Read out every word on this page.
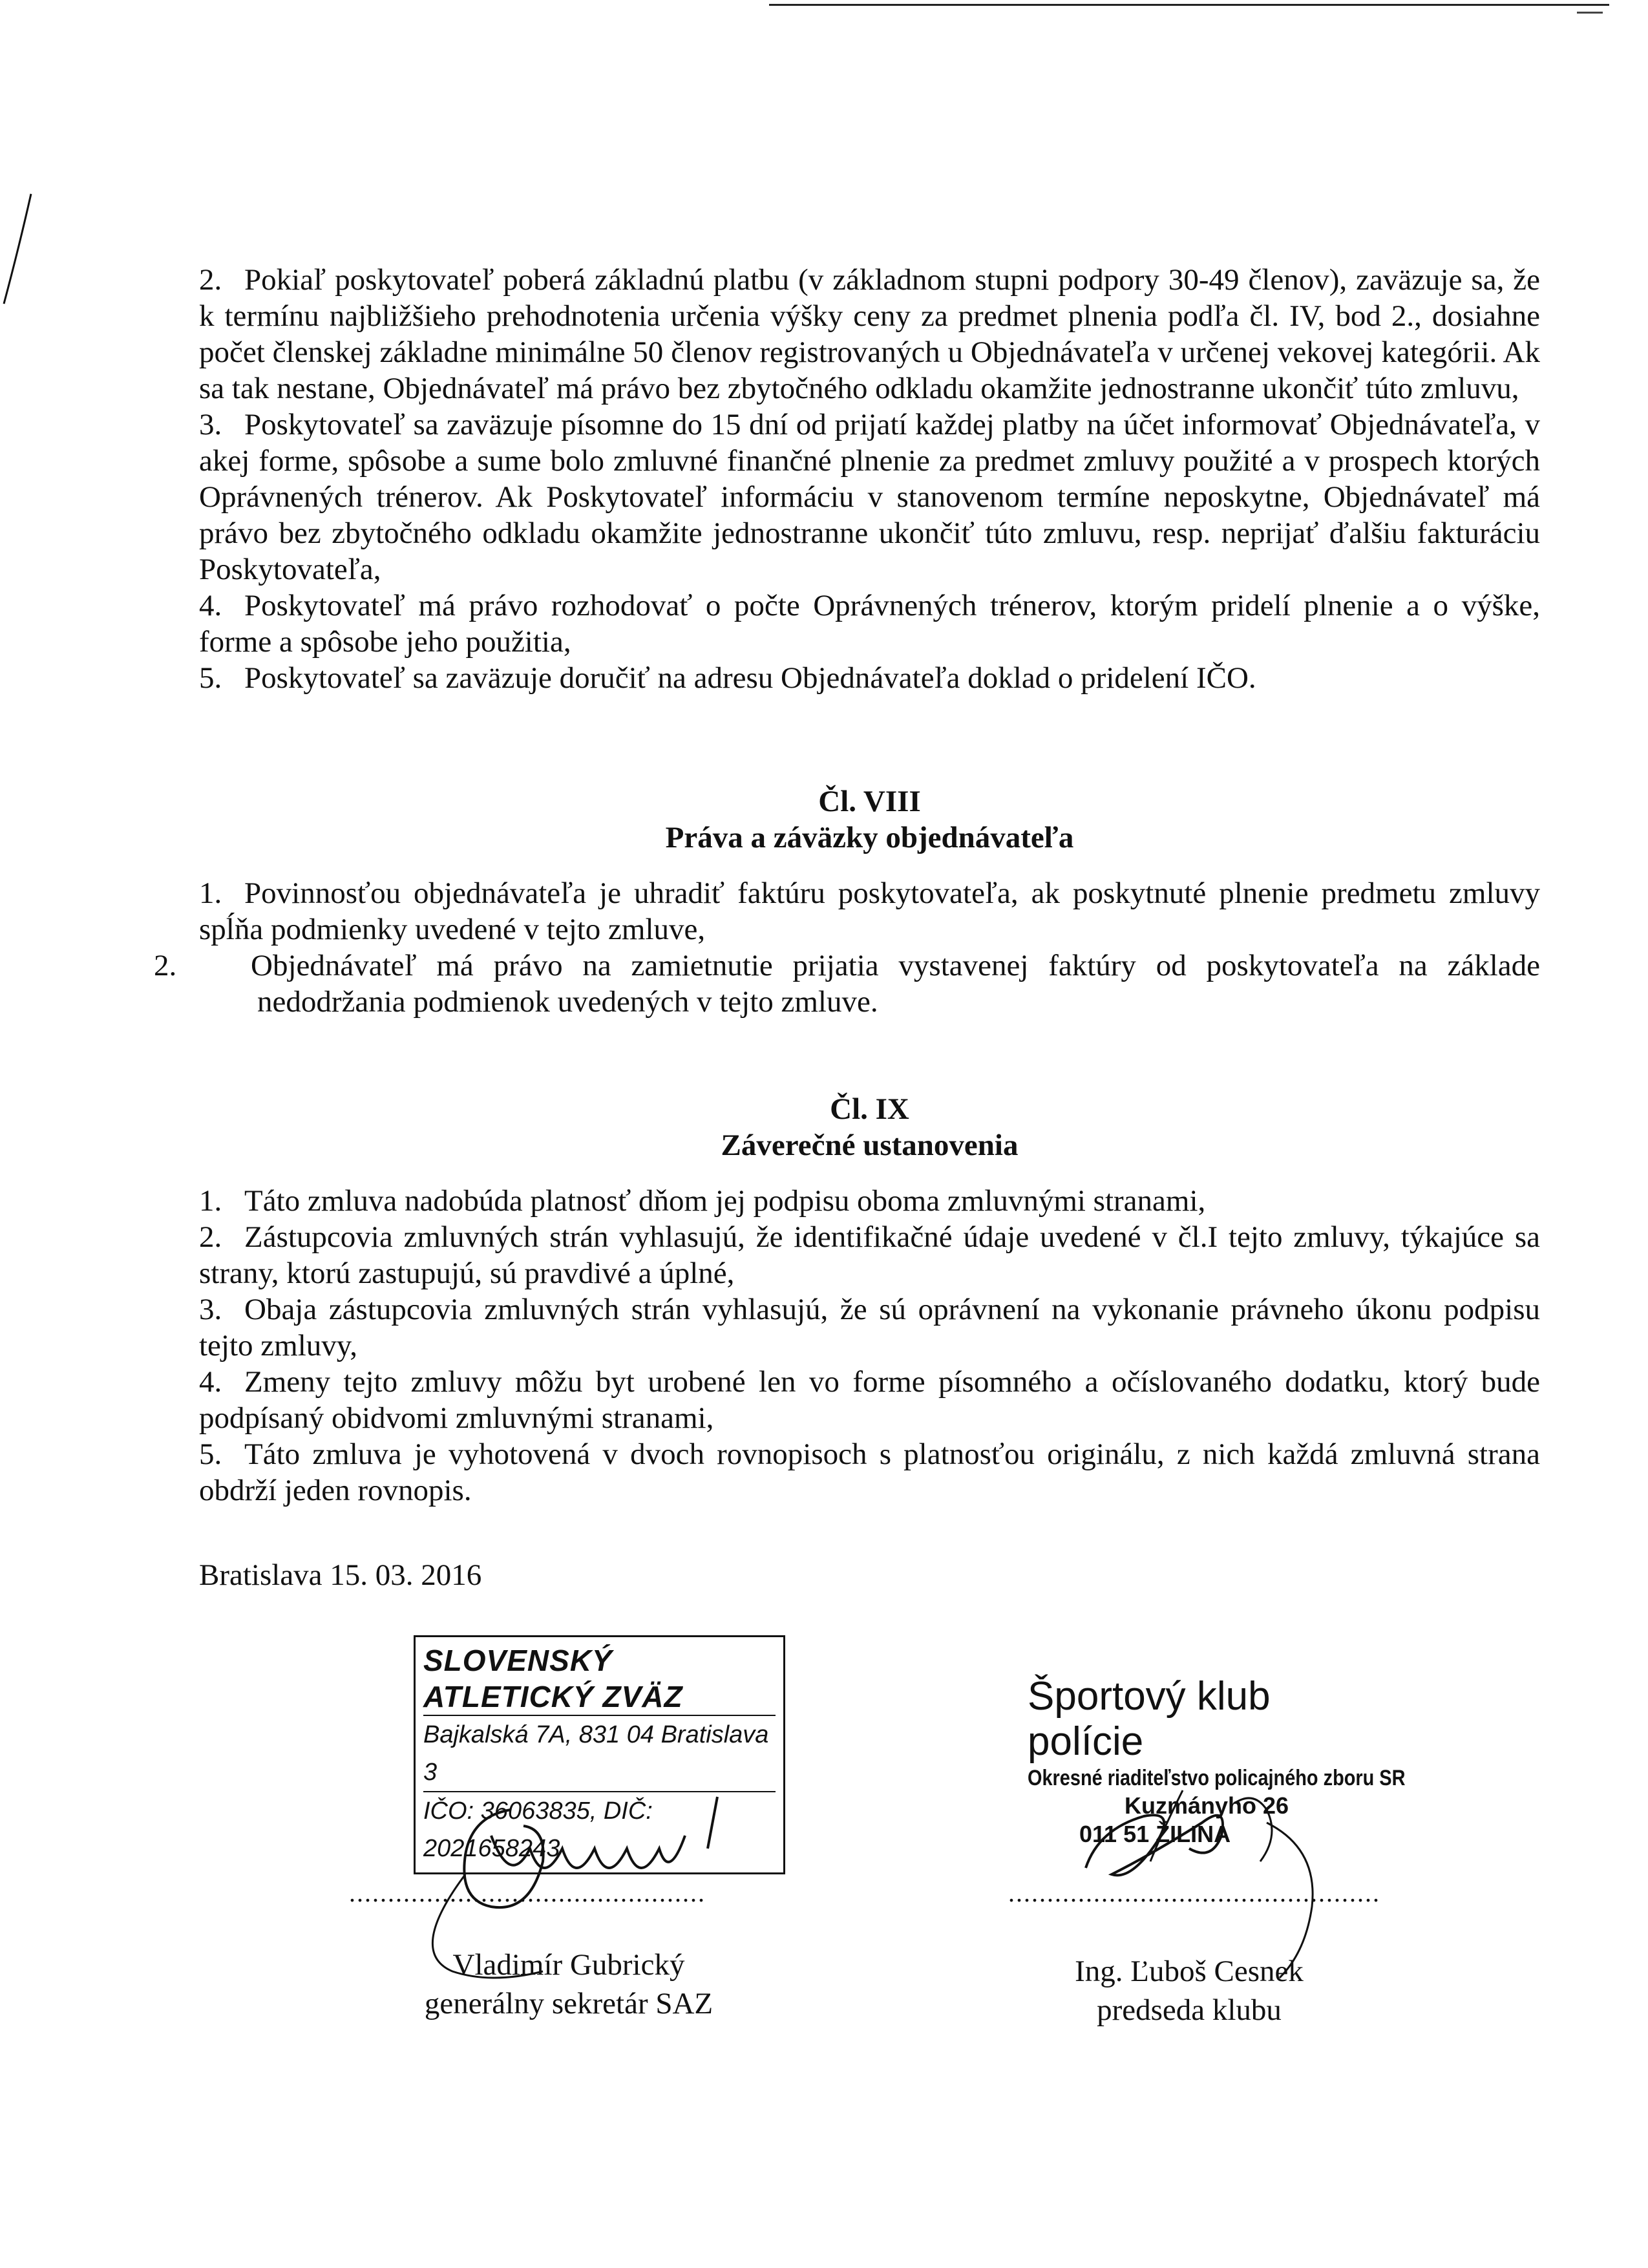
2. Pokiaľ poskytovateľ poberá základnú platbu (v základnom stupni podpory 30-49 členov), zaväzuje sa, že k termínu najbližšieho prehodnotenia určenia výšky ceny za predmet plnenia podľa čl. IV, bod 2., dosiahne počet členskej základne minimálne 50 členov registrovaných u Objednávateľa v určenej vekovej kategórii. Ak sa tak nestane, Objednávateľ má právo bez zbytočného odkladu okamžite jednostranne ukončiť túto zmluvu,

3. Poskytovateľ sa zaväzuje písomne do 15 dní od prijatí každej platby na účet informovať Objednávateľa, v akej forme, spôsobe a sume bolo zmluvné finančné plnenie za predmet zmluvy použité a v prospech ktorých Oprávnených trénerov. Ak Poskytovateľ informáciu v stanovenom termíne neposkytne, Objednávateľ má právo bez zbytočného odkladu okamžite jednostranne ukončiť túto zmluvu, resp. neprijať ďalšiu fakturáciu Poskytovateľa,

4. Poskytovateľ má právo rozhodovať o počte Oprávnených trénerov, ktorým pridelí plnenie a o výške, forme a spôsobe jeho použitia,

5. Poskytovateľ sa zaväzuje doručiť na adresu Objednávateľa doklad o pridelení IČO.

Čl. VIII

Práva a záväzky objednávateľa

1. Povinnosťou objednávateľa je uhradiť faktúru poskytovateľa, ak poskytnuté plnenie predmetu zmluvy spĺňa podmienky uvedené v tejto zmluve,

2. Objednávateľ má právo na zamietnutie prijatia vystavenej faktúry od poskytovateľa na základe nedodržania podmienok uvedených v tejto zmluve.

Čl. IX

Záverečné ustanovenia

1. Táto zmluva nadobúda platnosť dňom jej podpisu oboma zmluvnými stranami,

2. Zástupcovia zmluvných strán vyhlasujú, že identifikačné údaje uvedené v čl.I tejto zmluvy, týkajúce sa strany, ktorú zastupujú, sú pravdivé a úplné,

3. Obaja zástupcovia zmluvných strán vyhlasujú, že sú oprávnení na vykonanie právneho úkonu podpisu tejto zmluvy,

4. Zmeny tejto zmluvy môžu byt urobené len vo forme písomného a očíslovaného dodatku, ktorý bude podpísaný obidvomi zmluvnými stranami,

5. Táto zmluva je vyhotovená v dvoch rovnopisoch s platnosťou originálu, z nich každá zmluvná strana obdrží jeden rovnopis.

Bratislava 15. 03. 2016

SLOVENSKÝ ATLETICKÝ ZVÄZ
Bajkalská 7A, 831 04 Bratislava 3
IČO: 36063835, DIČ: 2021658243
Športový klub polície
Okresné riaditeľstvo policajného zboru SR
Kuzmányho 26
011 51 ŽILINA
..............................................	................................................
Vladimír Gubrický
generálny sekretár SAZ
Ing. Ľuboš Cesnek
predseda klubu
